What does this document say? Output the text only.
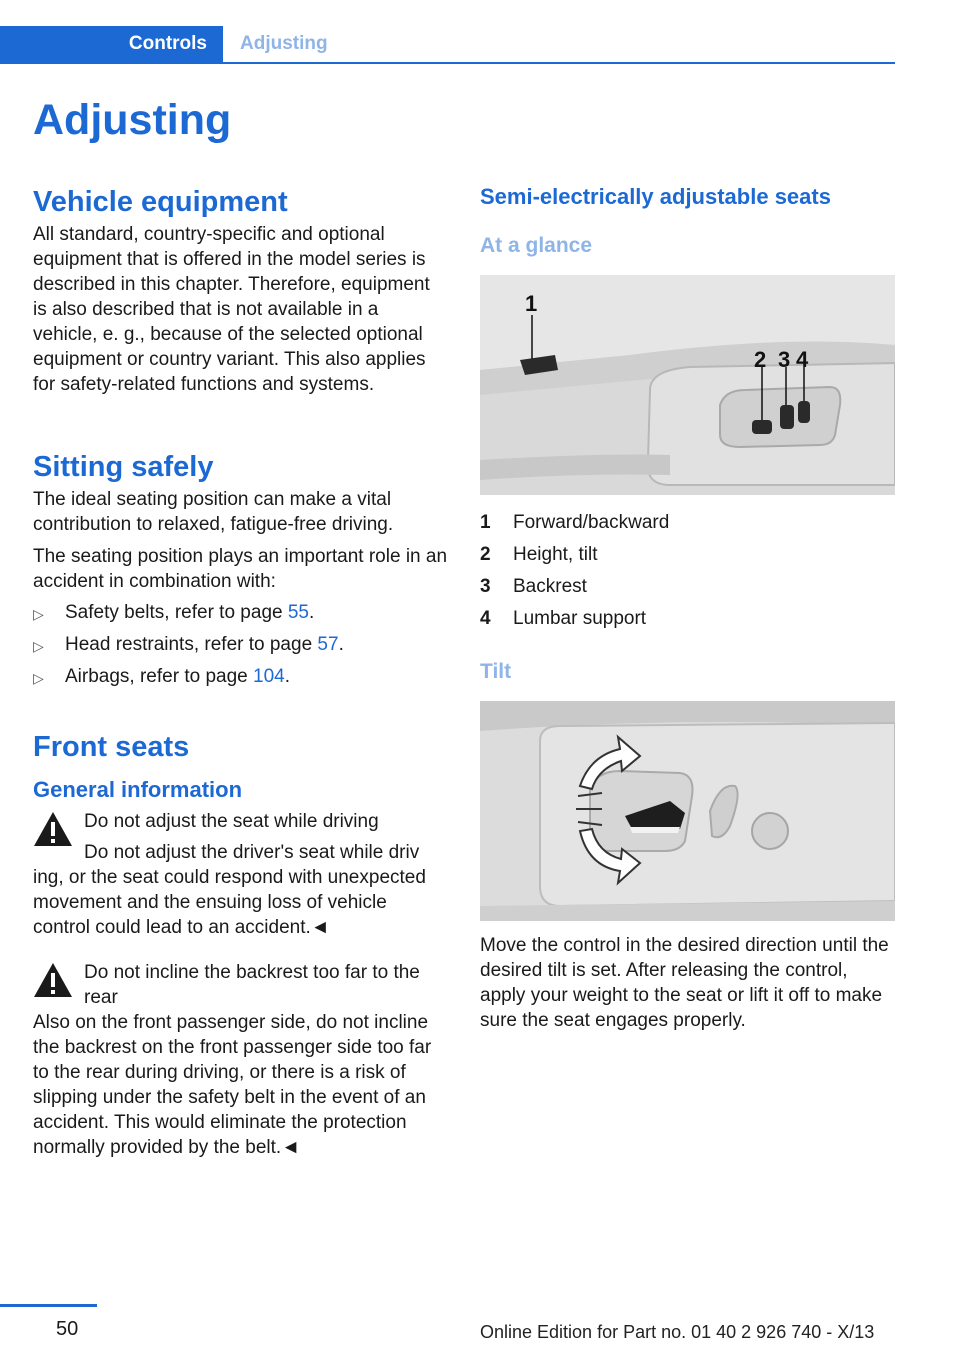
Controls	Adjusting
Adjusting
Vehicle equipment

All standard, country-specific and optional equipment that is offered in the model series is described in this chapter. Therefore, equipment is also described that is not available in a vehicle, e. g., because of the selected optional equipment or country variant. This also applies for safety-related functions and systems.

Sitting safely

The ideal seating position can make a vital contribution to relaxed, fatigue-free driving.

The seating position plays an important role in an accident in combination with:

▷ Safety belts, refer to page 55.
▷ Head restraints, refer to page 57.
▷ Airbags, refer to page 104.
Front seats
General information

Do not adjust the seat while driving

Do not adjust the driver's seat while driv

ing, or the seat could respond with unexpected movement and the ensuing loss of vehicle control could lead to an accident.◄

Do not incline the backrest too far to the rear

Also on the front passenger side, do not incline the backrest on the front passenger side too far to the rear during driving, or there is a risk of slipping under the safety belt in the event of an accident. This would eliminate the protection normally provided by the belt.◄

Semi-electrically adjustable seats
At a glance
1
2 3 4
1	Forward/backward
2	Height, tilt
3	Backrest
4	Lumbar support
Tilt

Move the control in the desired direction until the desired tilt is set. After releasing the control, apply your weight to the seat or lift it off to make sure the seat engages properly.

50	Online Edition for Part no. 01 40 2 926 740 - X/13
